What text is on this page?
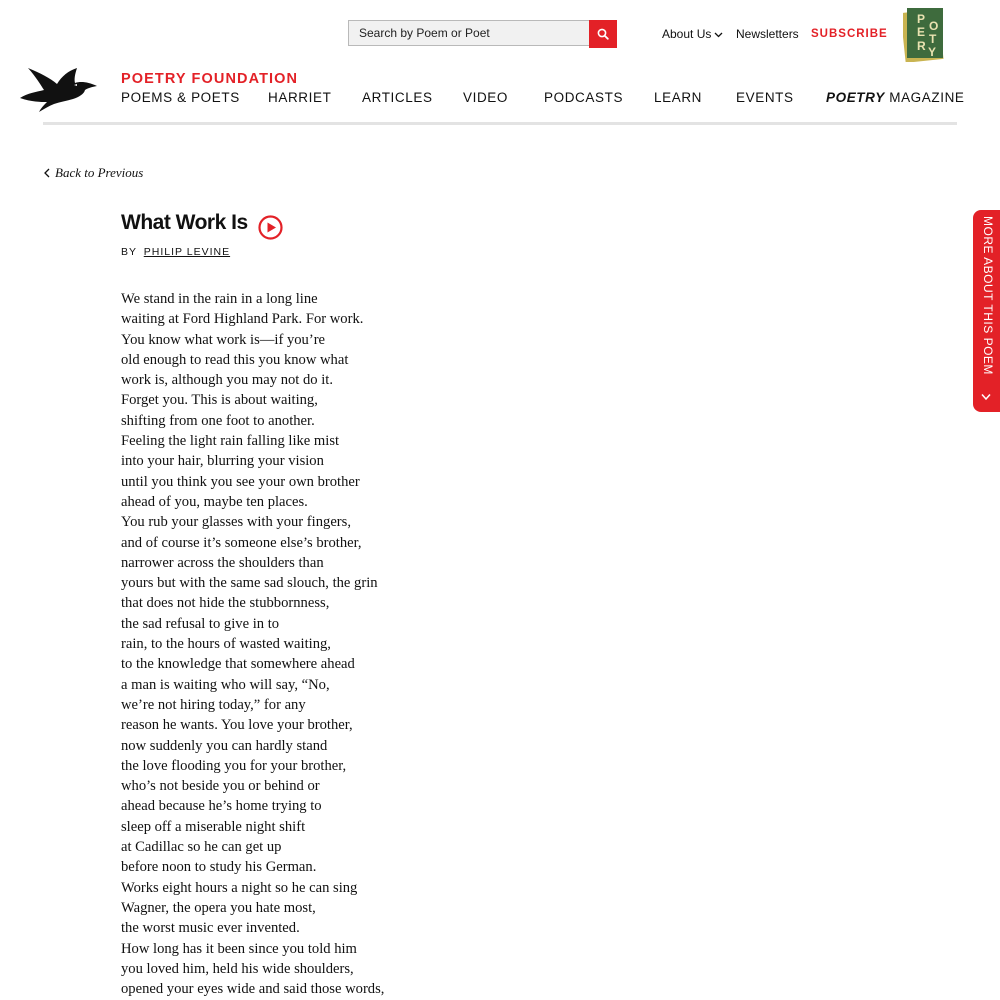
Search by Poem or Poet	About Us	Newsletters SUBSCRIBE
P O
E T
R Y
POETRY FOUNDATION
POEMS & POETS HARRIET ARTICLES VIDEO	PODCASTS LEARN	EVENTS POETRY MAGAZINE
Back to Previous
What Work Is
BY PHILIP LEVINE
We stand in the rain in a long line
waiting at Ford Highland Park. For work.
You know what work is—if you’re
old enough to read this you know what
work is, although you may not do it.
Forget you. This is about waiting,
shifting from one foot to another.
Feeling the light rain falling like mist
into your hair, blurring your vision
until you think you see your own brother
ahead of you, maybe ten places.
You rub your glasses with your fingers,
and of course it’s someone else’s brother,
narrower across the shoulders than
yours but with the same sad slouch, the grin
that does not hide the stubbornness,
the sad refusal to give in to
rain, to the hours of wasted waiting,
to the knowledge that somewhere ahead
a man is waiting who will say, “No,
we’re not hiring today,” for any
reason he wants. You love your brother,
now suddenly you can hardly stand
the love flooding you for your brother,
who’s not beside you or behind or
ahead because he’s home trying to
sleep off a miserable night shift
at Cadillac so he can get up
before noon to study his German.
Works eight hours a night so he can sing
Wagner, the opera you hate most,
the worst music ever invented.
How long has it been since you told him
you loved him, held his wide shoulders,
opened your eyes wide and said those words,
MORE ABOUT THIS POEM
